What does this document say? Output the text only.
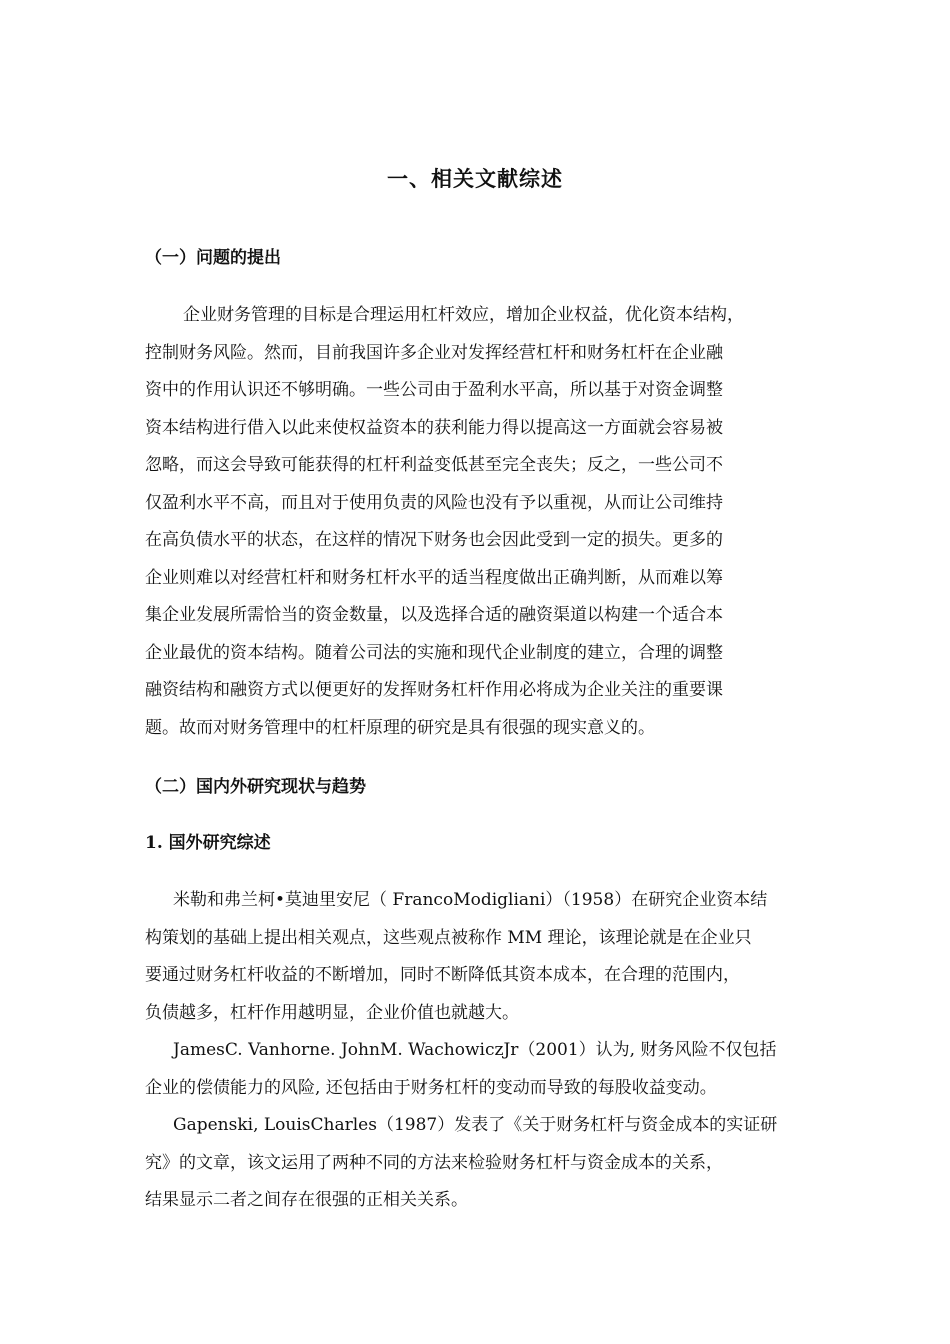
一、相关文献综述
（一）问题的提出
企业财务管理的目标是合理运用杠杆效应，增加企业权益，优化资本结构，
控制财务风险。然而，目前我国许多企业对发挥经营杠杆和财务杠杆在企业融
资中的作用认识还不够明确。一些公司由于盈利水平高，所以基于对资金调整
资本结构进行借入以此来使权益资本的获利能力得以提高这一方面就会容易被
忽略，而这会导致可能获得的杠杆利益变低甚至完全丧失；反之，一些公司不
仅盈利水平不高，而且对于使用负责的风险也没有予以重视，从而让公司维持
在高负债水平的状态，在这样的情况下财务也会因此受到一定的损失。更多的
企业则难以对经营杠杆和财务杠杆水平的适当程度做出正确判断，从而难以筹
集企业发展所需恰当的资金数量，以及选择合适的融资渠道以构建一个适合本
企业最优的资本结构。随着公司法的实施和现代企业制度的建立，合理的调整
融资结构和融资方式以便更好的发挥财务杠杆作用必将成为企业关注的重要课
题。故而对财务管理中的杠杆原理的研究是具有很强的现实意义的。
（二）国内外研究现状与趋势
1. 国外研究综述
米勒和弗兰柯•莫迪里安尼（ FrancoModigliani）（1958）在研究企业资本结
构策划的基础上提出相关观点，这些观点被称作 MM 理论，该理论就是在企业只
要通过财务杠杆收益的不断增加，同时不断降低其资本成本，在合理的范围内，
负债越多，杠杆作用越明显，企业价值也就越大。
JamesC. Vanhorne. JohnM. WachowiczJr（2001）认为, 财务风险不仅包括
企业的偿债能力的风险, 还包括由于财务杠杆的变动而导致的每股收益变动。
Gapenski, LouisCharles（1987）发表了《关于财务杠杆与资金成本的实证研
究》的文章，该文运用了两种不同的方法来检验财务杠杆与资金成本的关系，
结果显示二者之间存在很强的正相关关系。
